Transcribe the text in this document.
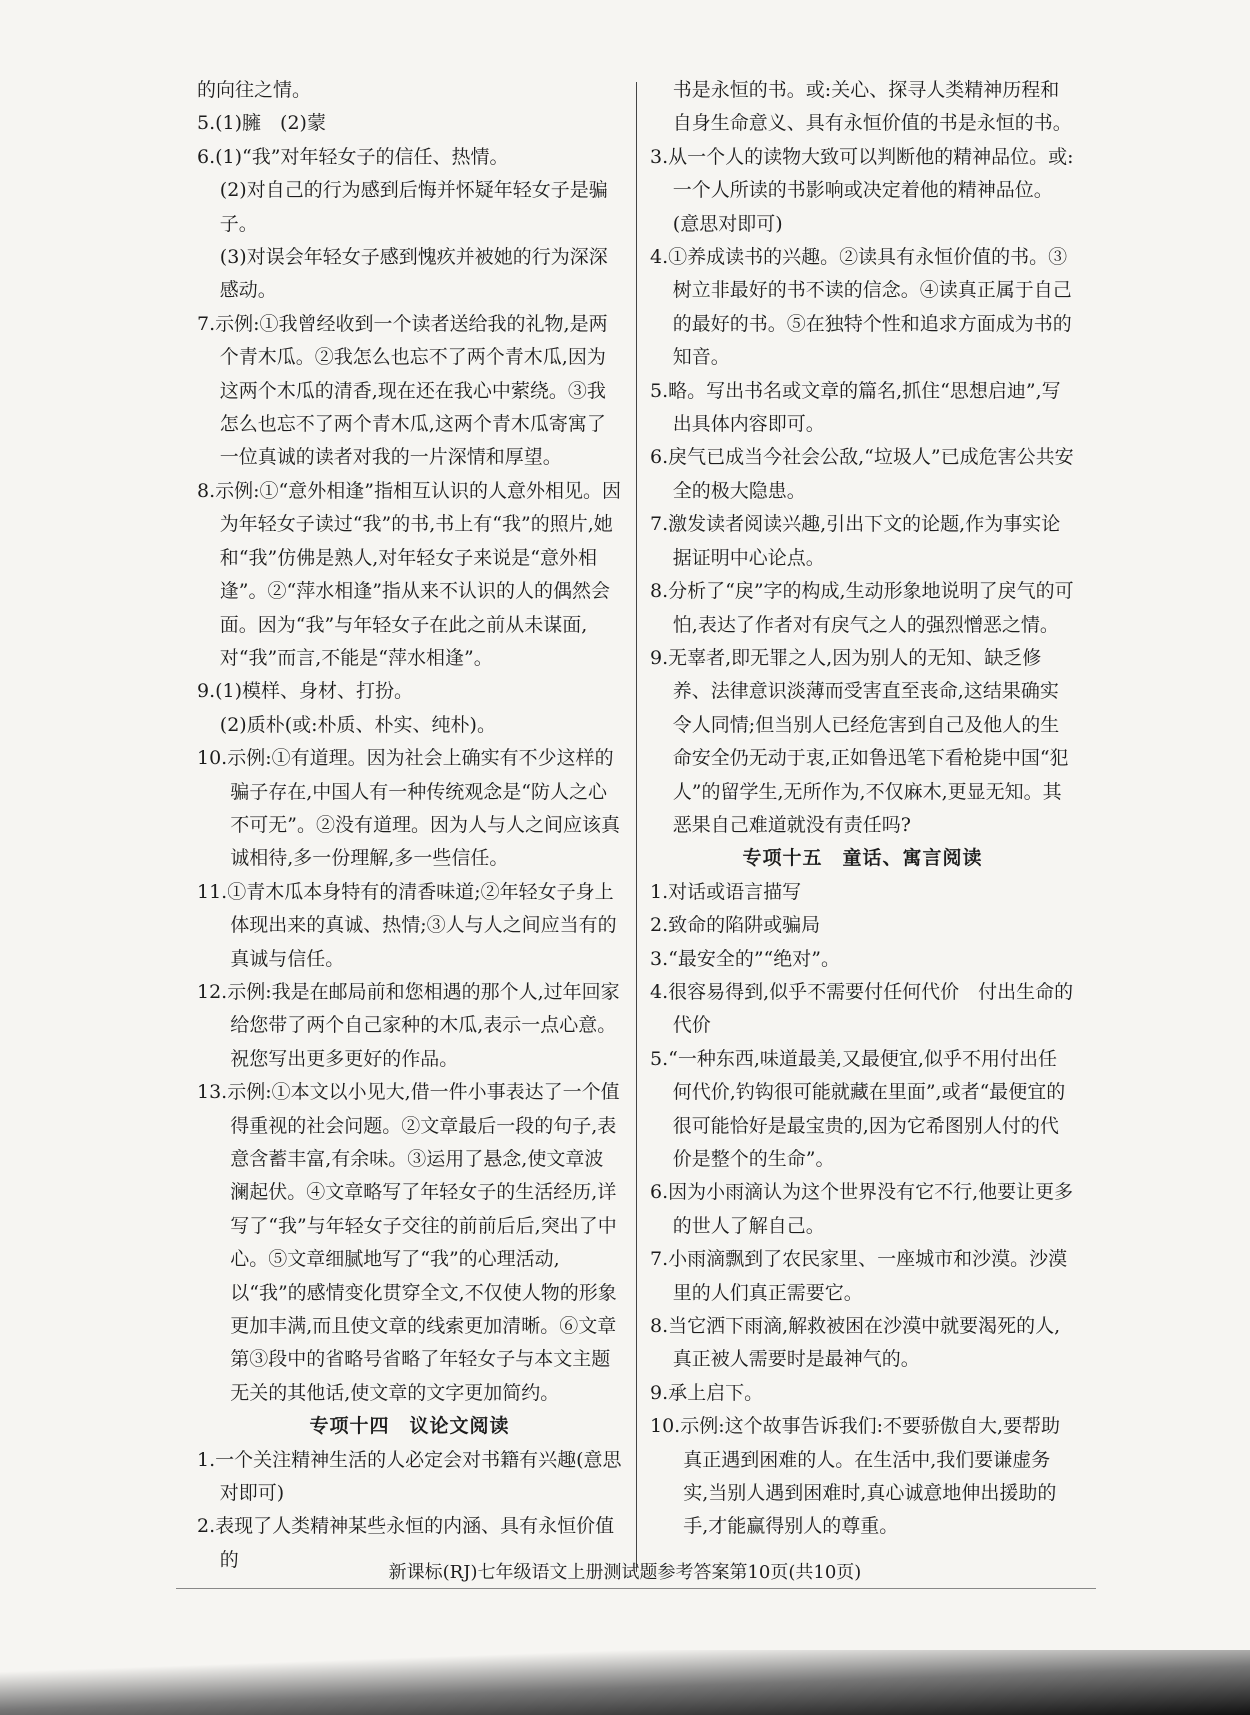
的向往之情。

5.(1)臃　(2)蒙

6.(1)“我”对年轻女子的信任、热情。

(2)对自己的行为感到后悔并怀疑年轻女子是骗子。

(3)对误会年轻女子感到愧疚并被她的行为深深感动。

7.示例:①我曾经收到一个读者送给我的礼物,是两个青木瓜。②我怎么也忘不了两个青木瓜,因为这两个木瓜的清香,现在还在我心中萦绕。③我怎么也忘不了两个青木瓜,这两个青木瓜寄寓了一位真诚的读者对我的一片深情和厚望。

8.示例:①“意外相逢”指相互认识的人意外相见。因为年轻女子读过“我”的书,书上有“我”的照片,她和“我”仿佛是熟人,对年轻女子来说是“意外相逢”。②“萍水相逢”指从来不认识的人的偶然会面。因为“我”与年轻女子在此之前从未谋面,对“我”而言,不能是“萍水相逢”。

9.(1)模样、身材、打扮。

(2)质朴(或:朴质、朴实、纯朴)。

10.示例:①有道理。因为社会上确实有不少这样的骗子存在,中国人有一种传统观念是“防人之心不可无”。②没有道理。因为人与人之间应该真诚相待,多一份理解,多一些信任。

11.①青木瓜本身特有的清香味道;②年轻女子身上体现出来的真诚、热情;③人与人之间应当有的真诚与信任。

12.示例:我是在邮局前和您相遇的那个人,过年回家给您带了两个自己家种的木瓜,表示一点心意。祝您写出更多更好的作品。

13.示例:①本文以小见大,借一件小事表达了一个值得重视的社会问题。②文章最后一段的句子,表意含蓄丰富,有余味。③运用了悬念,使文章波澜起伏。④文章略写了年轻女子的生活经历,详写了“我”与年轻女子交往的前前后后,突出了中心。⑤文章细腻地写了“我”的心理活动,以“我”的感情变化贯穿全文,不仅使人物的形象更加丰满,而且使文章的线索更加清晰。⑥文章第③段中的省略号省略了年轻女子与本文主题无关的其他话,使文章的文字更加简约。

专项十四　议论文阅读

1.一个关注精神生活的人必定会对书籍有兴趣(意思对即可)

2.表现了人类精神某些永恒的内涵、具有永恒价值的

书是永恒的书。或:关心、探寻人类精神历程和自身生命意义、具有永恒价值的书是永恒的书。

3.从一个人的读物大致可以判断他的精神品位。或:一个人所读的书影响或决定着他的精神品位。(意思对即可)

4.①养成读书的兴趣。②读具有永恒价值的书。③树立非最好的书不读的信念。④读真正属于自己的最好的书。⑤在独特个性和追求方面成为书的知音。

5.略。写出书名或文章的篇名,抓住“思想启迪”,写出具体内容即可。

6.戾气已成当今社会公敌,“垃圾人”已成危害公共安全的极大隐患。

7.激发读者阅读兴趣,引出下文的论题,作为事实论据证明中心论点。

8.分析了“戾”字的构成,生动形象地说明了戾气的可怕,表达了作者对有戾气之人的强烈憎恶之情。

9.无辜者,即无罪之人,因为别人的无知、缺乏修养、法律意识淡薄而受害直至丧命,这结果确实令人同情;但当别人已经危害到自己及他人的生命安全仍无动于衷,正如鲁迅笔下看枪毙中国“犯人”的留学生,无所作为,不仅麻木,更显无知。其恶果自己难道就没有责任吗?

专项十五　童话、寓言阅读

1.对话或语言描写

2.致命的陷阱或骗局

3.“最安全的”“绝对”。

4.很容易得到,似乎不需要付任何代价　付出生命的代价

5.“一种东西,味道最美,又最便宜,似乎不用付出任何代价,钓钩很可能就藏在里面”,或者“最便宜的很可能恰好是最宝贵的,因为它希图别人付的代价是整个的生命”。

6.因为小雨滴认为这个世界没有它不行,他要让更多的世人了解自己。

7.小雨滴飘到了农民家里、一座城市和沙漠。沙漠里的人们真正需要它。

8.当它洒下雨滴,解救被困在沙漠中就要渴死的人,真正被人需要时是最神气的。

9.承上启下。

10.示例:这个故事告诉我们:不要骄傲自大,要帮助真正遇到困难的人。在生活中,我们要谦虚务实,当别人遇到困难时,真心诚意地伸出援助的手,才能赢得别人的尊重。

新课标(RJ)七年级语文上册测试题参考答案第10页(共10页)
